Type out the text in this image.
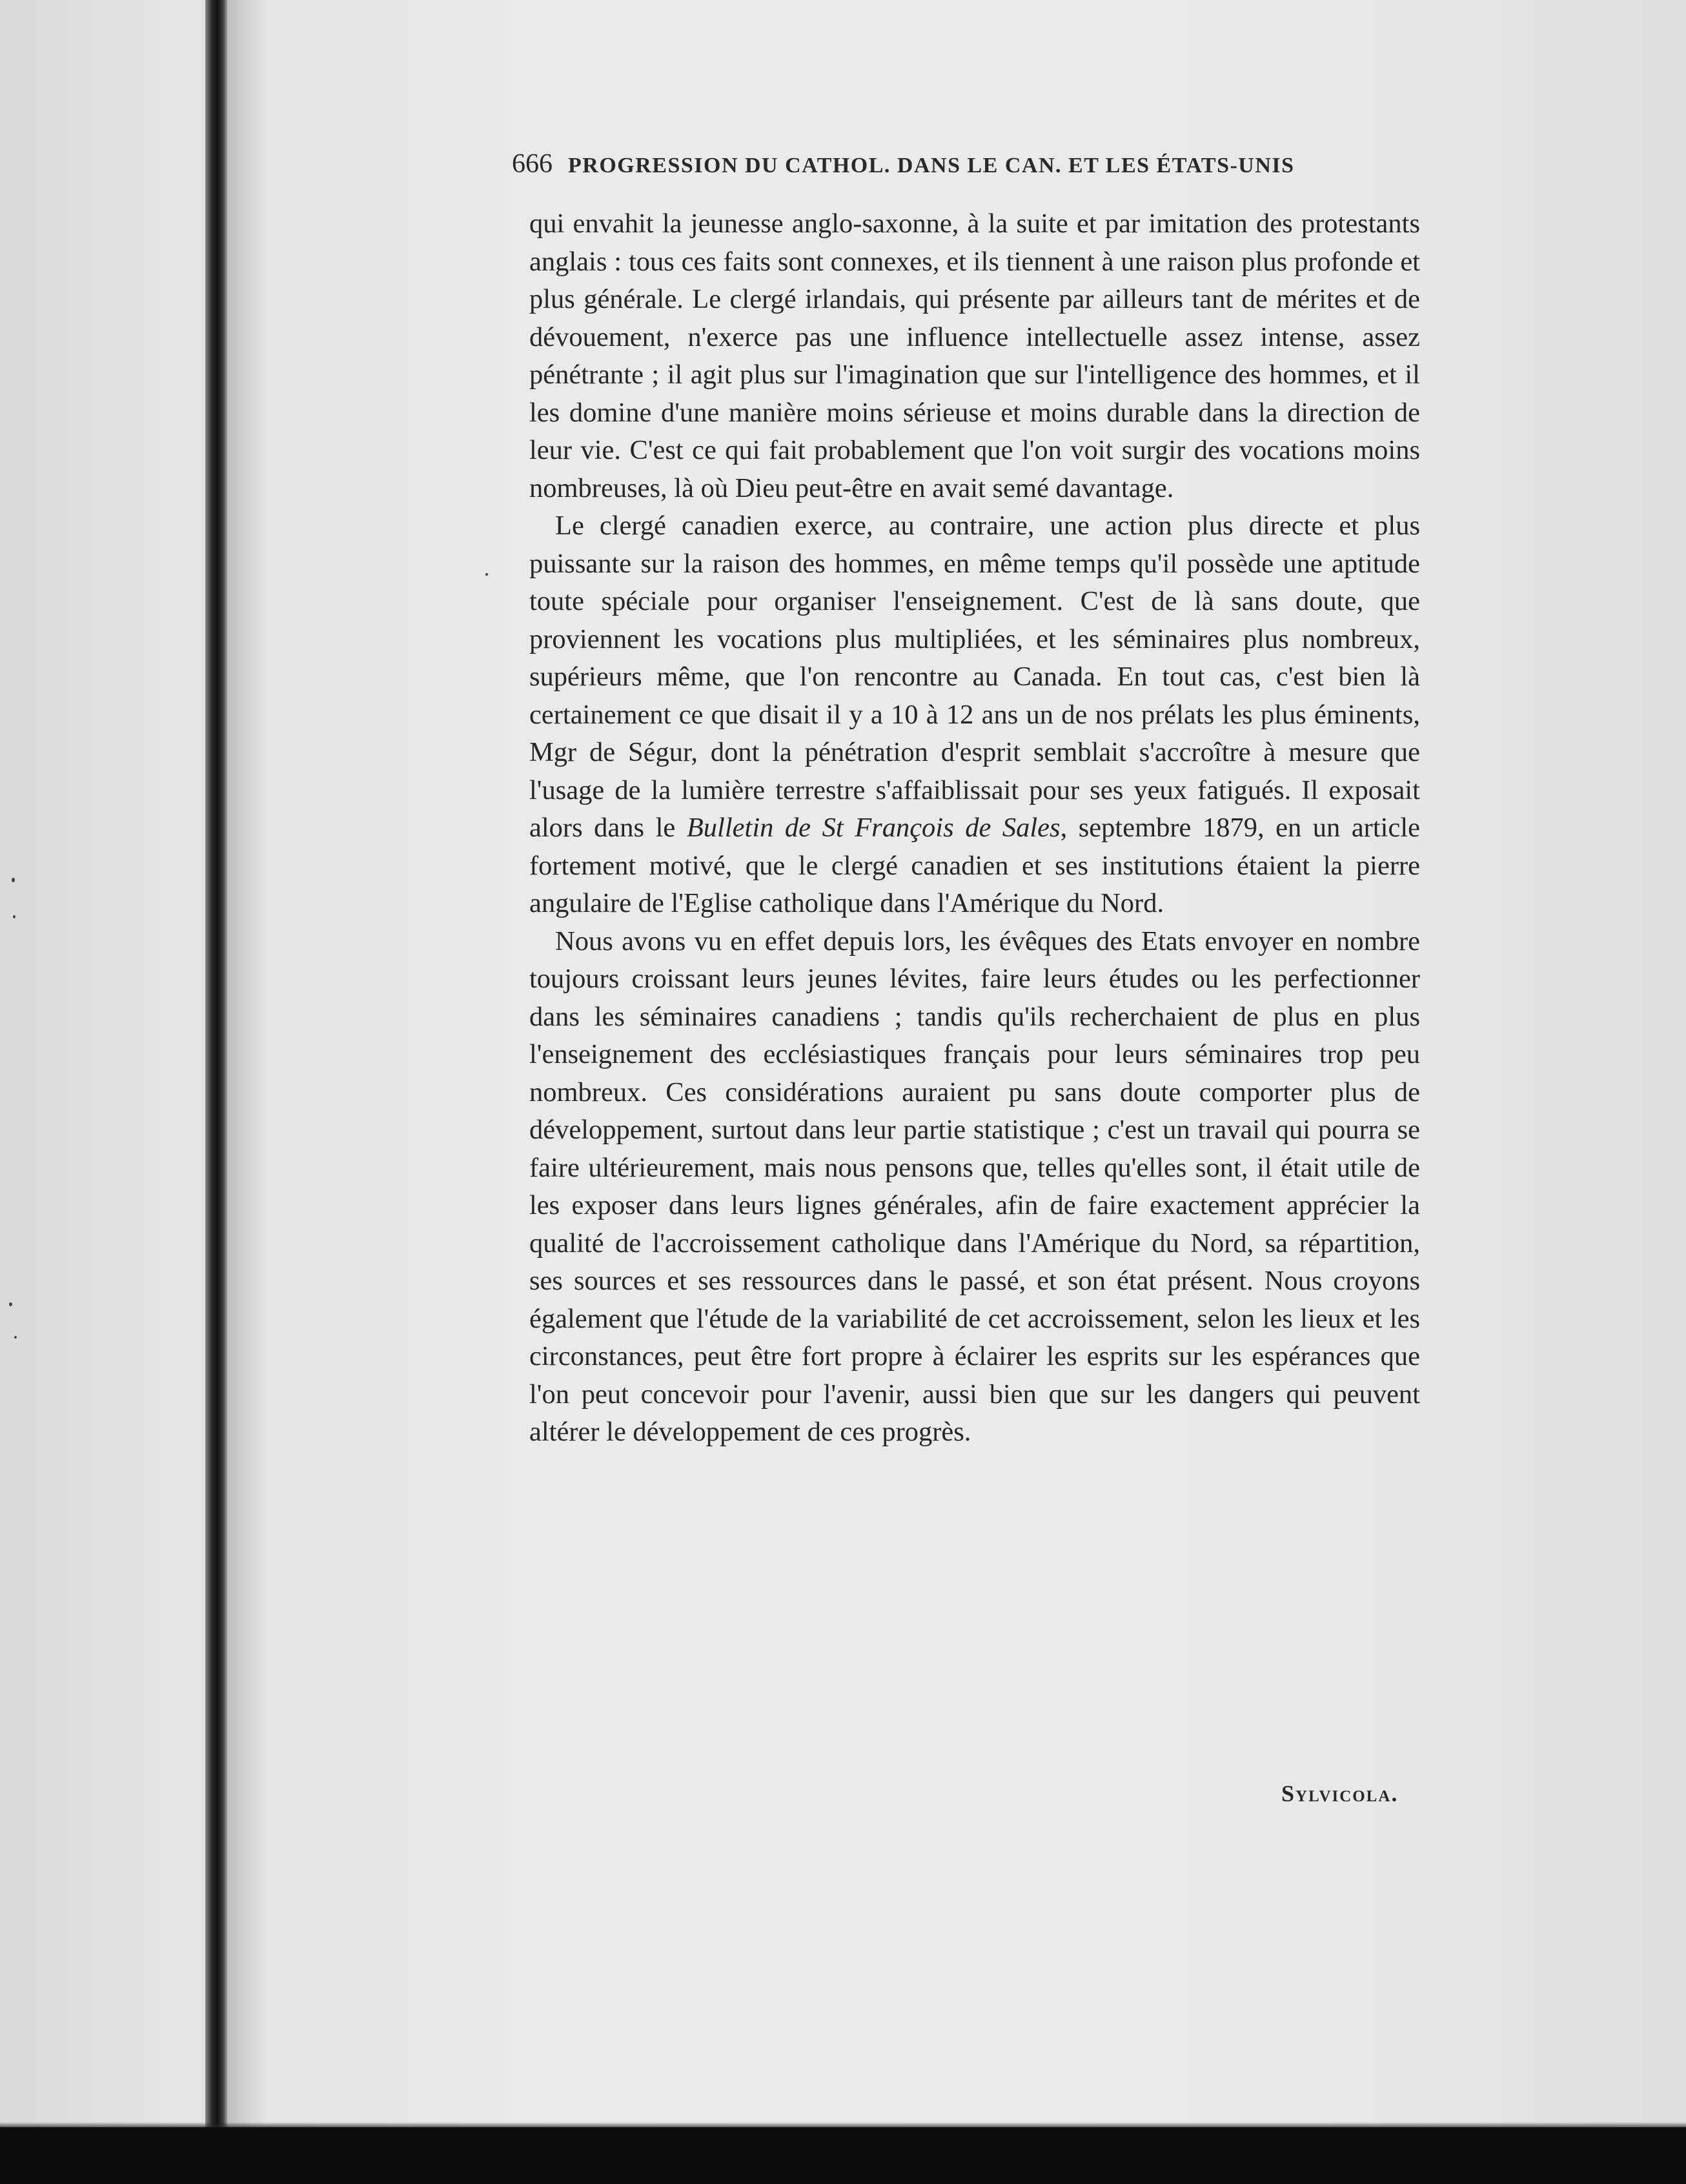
666 PROGRESSION DU CATHOL. DANS LE CAN. ET LES ÉTATS-UNIS

qui envahit la jeunesse anglo-saxonne, à la suite et par imitation des protestants anglais : tous ces faits sont connexes, et ils tiennent à une raison plus profonde et plus générale. Le clergé irlandais, qui présente par ailleurs tant de mérites et de dévouement, n'exerce pas une influence intellectuelle assez intense, assez pénétrante ; il agit plus sur l'imagination que sur l'intelligence des hommes, et il les domine d'une manière moins sérieuse et moins durable dans la direction de leur vie. C'est ce qui fait probablement que l'on voit surgir des vocations moins nombreuses, là où Dieu peut-être en avait semé davantage.

Le clergé canadien exerce, au contraire, une action plus directe et plus puissante sur la raison des hommes, en même temps qu'il possède une aptitude toute spéciale pour organiser l'enseignement. C'est de là sans doute, que proviennent les vocations plus multipliées, et les séminaires plus nombreux, supérieurs même, que l'on rencontre au Canada. En tout cas, c'est bien là certainement ce que disait il y a 10 à 12 ans un de nos prélats les plus éminents, Mgr de Ségur, dont la pénétration d'esprit semblait s'accroître à mesure que l'usage de la lumière terrestre s'affaiblissait pour ses yeux fatigués. Il exposait alors dans le Bulletin de St François de Sales, septembre 1879, en un article fortement motivé, que le clergé canadien et ses institutions étaient la pierre angulaire de l'Eglise catholique dans l'Amérique du Nord.

Nous avons vu en effet depuis lors, les évêques des Etats envoyer en nombre toujours croissant leurs jeunes lévites, faire leurs études ou les perfectionner dans les séminaires canadiens ; tandis qu'ils recherchaient de plus en plus l'enseignement des ecclésiastiques français pour leurs séminaires trop peu nombreux. Ces considérations auraient pu sans doute comporter plus de développement, surtout dans leur partie statistique ; c'est un travail qui pourra se faire ultérieurement, mais nous pensons que, telles qu'elles sont, il était utile de les exposer dans leurs lignes générales, afin de faire exactement apprécier la qualité de l'accroissement catholique dans l'Amérique du Nord, sa répartition, ses sources et ses ressources dans le passé, et son état présent. Nous croyons également que l'étude de la variabilité de cet accroissement, selon les lieux et les circonstances, peut être fort propre à éclairer les esprits sur les espérances que l'on peut concevoir pour l'avenir, aussi bien que sur les dangers qui peuvent altérer le développement de ces progrès.

Sylvicola.
